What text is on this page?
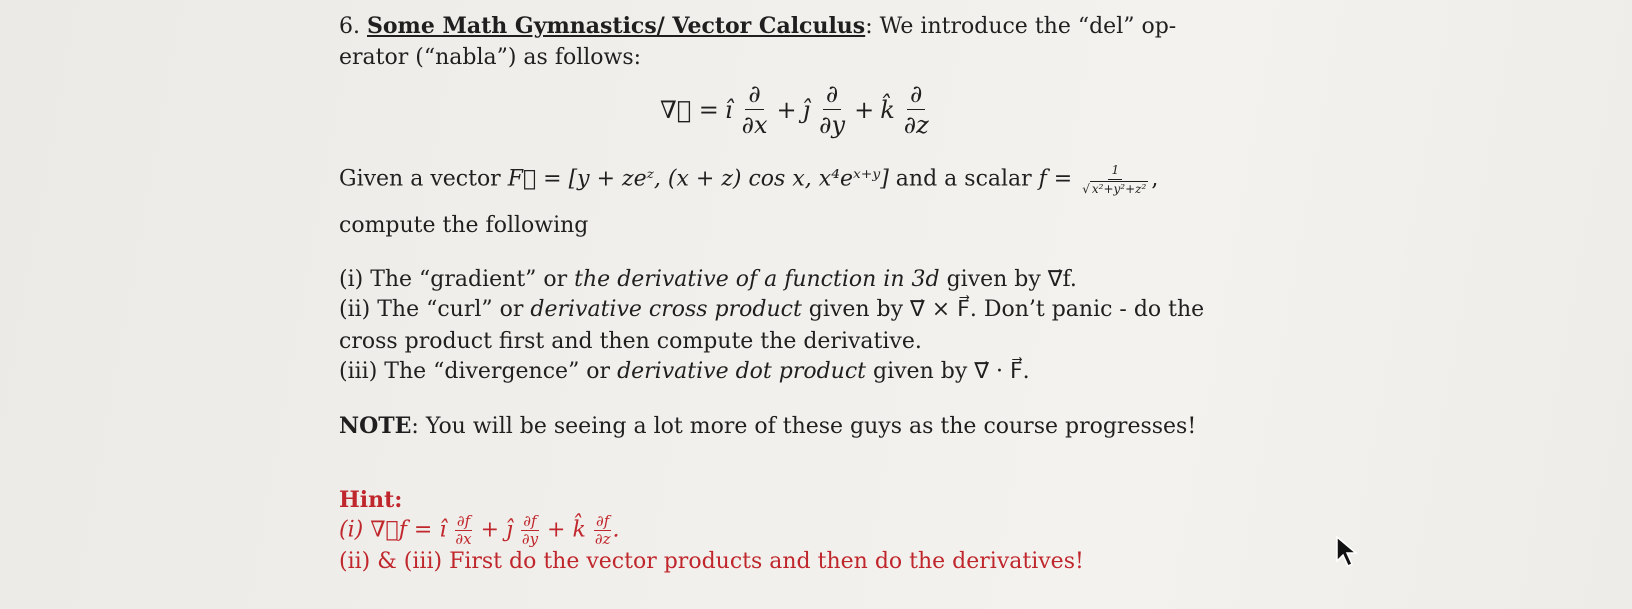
6. Some Math Gymnastics/ Vector Calculus: We introduce the “del” op-
erator (“nabla”) as follows:
∇⃗ = î $\frac{\partial}{\partial x}$ + ĵ $\frac{\partial}{\partial y}$ + k̂ $\frac{\partial}{\partial z}$
Given a vector F⃗ = [y + zeᶻ, (x + z) cos x, x⁴eˣ⁺ʸ] and a scalar $f = \frac{1}{\text{√ x²+y²+z²}}$ ,
compute the following
(i) The “gradient” or the derivative of a function in 3d given by ∇⃗f.
(ii) The “curl” or derivative cross product given by ∇⃗ × F⃗. Don’t panic - do the
cross product first and then compute the derivative.
(iii) The “divergence” or derivative dot product given by ∇⃗ · F⃗.
NOTE: You will be seeing a lot more of these guys as the course progresses!
Hint:
(i) ∇⃗f = î $\frac{\partial f}{\partial x}$ + ĵ $\frac{\partial f}{\partial y}$ + k̂ $\frac{\partial f}{\partial z}$ .
(ii) & (iii) First do the vector products and then do the derivatives!
